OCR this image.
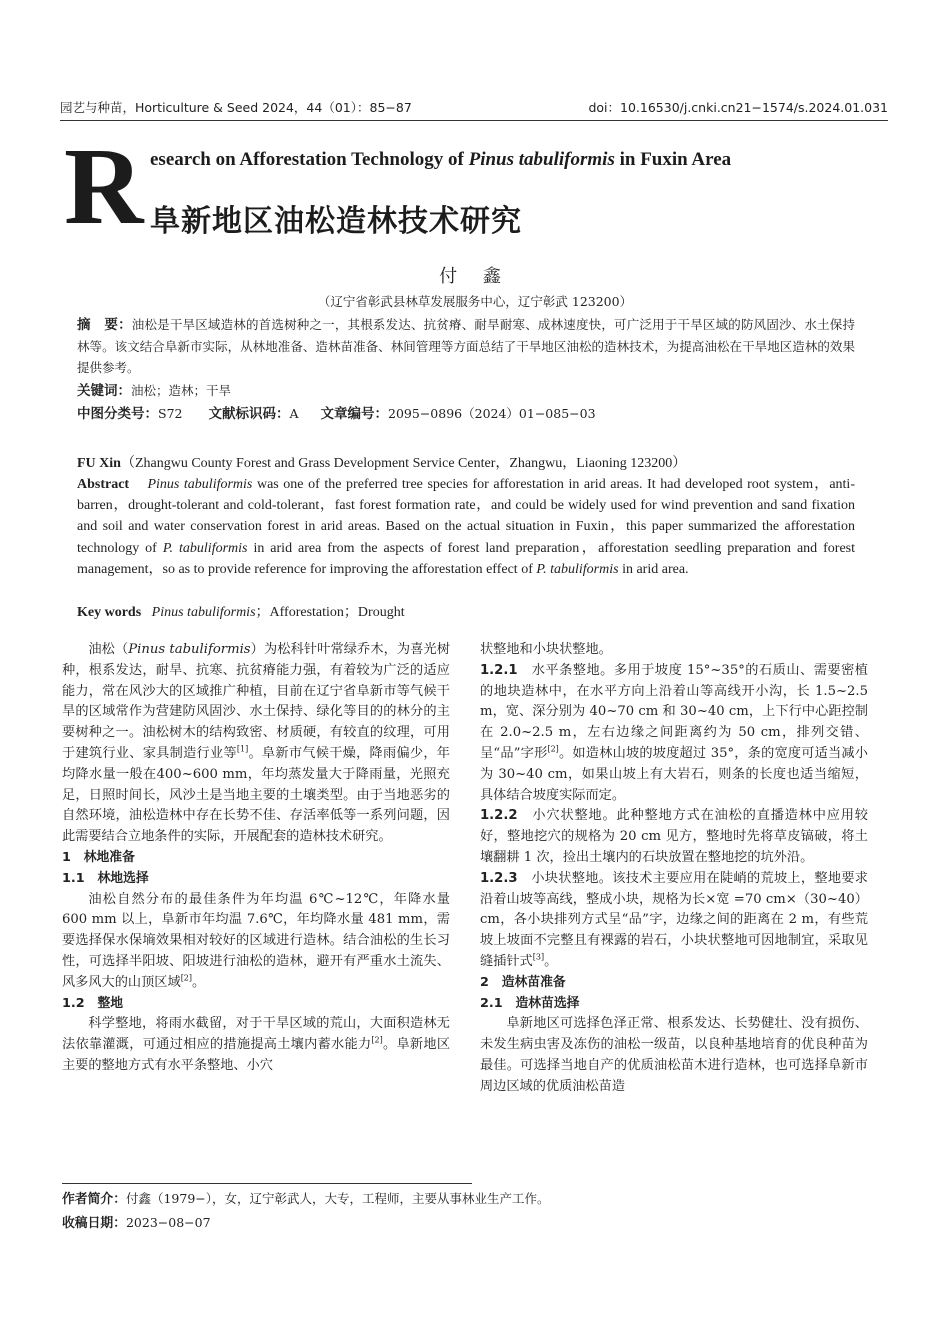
园艺与种苗，Horticulture & Seed 2024，44（01）：85−87	doi：10.16530/j.cnki.cn21−1574/s.2024.01.031
R esearch on Afforestation Technology of Pinus tabuliformis in Fuxin Area
阜新地区油松造林技术研究
付 鑫
（辽宁省彰武县林草发展服务中心，辽宁彰武 123200）
摘　要：油松是干旱区域造林的首选树种之一，其根系发达、抗贫瘠、耐旱耐寒、成林速度快，可广泛用于干旱区域的防风固沙、水土保持林等。该文结合阜新市实际，从林地准备、造林苗准备、林间管理等方面总结了干旱地区油松的造林技术，为提高油松在干旱地区造林的效果提供参考。
关键词：油松；造林；干旱
中图分类号：S72 文献标识码：A 文章编号：2095−0896（2024）01−085−03
FU Xin（Zhangwu County Forest and Grass Development Service Center，Zhangwu，Liaoning 123200）
Abstract Pinus tabuliformis was one of the preferred tree species for afforestation in arid areas. It had developed root system，anti-barren，drought-tolerant and cold-tolerant，fast forest formation rate，and could be widely used for wind prevention and sand fixation and soil and water conservation forest in arid areas. Based on the actual situation in Fuxin，this paper summarized the afforestation technology of P. tabuliformis in arid area from the aspects of forest land preparation，afforestation seedling preparation and forest management，so as to provide reference for improving the afforestation effect of P. tabuliformis in arid area.
Key words Pinus tabuliformis；Afforestation；Drought

油松（Pinus tabuliformis）为松科针叶常绿乔木，为喜光树种，根系发达，耐旱、抗寒、抗贫瘠能力强，有着较为广泛的适应能力，常在风沙大的区域推广种植，目前在辽宁省阜新市等气候干旱的区域常作为营建防风固沙、水土保持、绿化等目的的林分的主要树种之一。油松树木的结构致密、材质硬，有较直的纹理，可用于建筑行业、家具制造行业等[1]。阜新市气候干燥，降雨偏少，年均降水量一般在400~600 mm，年均蒸发量大于降雨量，光照充足，日照时间长，风沙土是当地主要的土壤类型。由于当地恶劣的自然环境，油松造林中存在长势不佳、存活率低等一系列问题，因此需要结合立地条件的实际，开展配套的造林技术研究。

1　林地准备

1.1　林地选择

油松自然分布的最佳条件为年均温 6℃~12℃，年降水量 600 mm 以上，阜新市年均温 7.6℃，年均降水量 481 mm，需要选择保水保墒效果相对较好的区域进行造林。结合油松的生长习性，可选择半阳坡、阳坡进行油松的造林，避开有严重水土流失、风多风大的山顶区域[2]。

1.2　整地

科学整地，将雨水截留，对于干旱区域的荒山，大面积造林无法依靠灌溉，可通过相应的措施提高土壤内蓄水能力[2]。阜新地区主要的整地方式有水平条整地、小穴

状整地和小块状整地。

1.2.1　水平条整地。多用于坡度 15°~35°的石质山、需要密植的地块造林中，在水平方向上沿着山等高线开小沟，长 1.5~2.5 m，宽、深分别为 40~70 cm 和 30~40 cm，上下行中心距控制在 2.0~2.5 m，左右边缘之间距离约为 50 cm，排列交错、呈“品”字形[2]。如造林山坡的坡度超过 35°，条的宽度可适当减小为 30~40 cm，如果山坡上有大岩石，则条的长度也适当缩短，具体结合坡度实际而定。

1.2.2　小穴状整地。此种整地方式在油松的直播造林中应用较好，整地挖穴的规格为 20 cm 见方，整地时先将草皮镐破，将土壤翻耕 1 次，捡出土壤内的石块放置在整地挖的坑外沿。

1.2.3　小块状整地。该技术主要应用在陡峭的荒坡上，整地要求沿着山坡等高线，整成小块，规格为长×宽 =70 cm×（30~40）cm，各小块排列方式呈“品”字，边缘之间的距离在 2 m，有些荒坡上坡面不完整且有裸露的岩石，小块状整地可因地制宜，采取见缝插针式[3]。

2　造林苗准备

2.1　造林苗选择

阜新地区可选择色泽正常、根系发达、长势健壮、没有损伤、未发生病虫害及冻伤的油松一级苗，以良种基地培育的优良种苗为最佳。可选择当地自产的优质油松苗木进行造林，也可选择阜新市周边区域的优质油松苗造

作者简介：付鑫（1979−），女，辽宁彰武人，大专，工程师，主要从事林业生产工作。
收稿日期：2023−08−07
